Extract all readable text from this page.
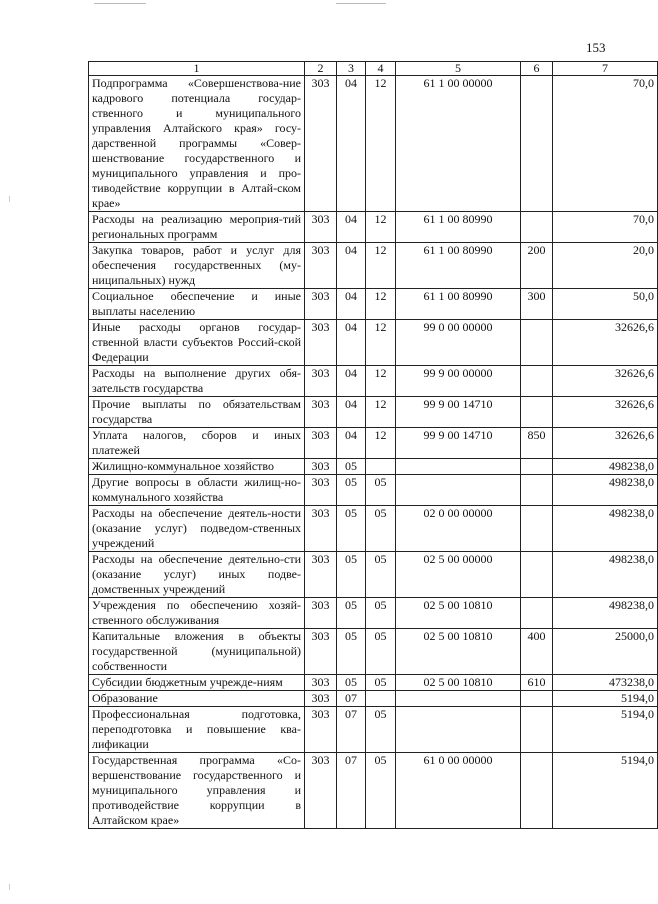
153
1	2	3	4	5	6	7
Подпрограмма «Совершенствова-ние кадрового потенциала государ-ственного и муниципального управления Алтайского края» госу-дарственной программы «Совер-шенствование государственного и муниципального управления и про-тиводействие коррупции в Алтай-ском крае»	303	04	12	61 1 00 00000		70,0
Расходы на реализацию мероприя-тий региональных программ	303	04	12	61 1 00 80990		70,0
Закупка товаров, работ и услуг для обеспечения государственных (му-ниципальных) нужд	303	04	12	61 1 00 80990	200	20,0
Социальное обеспечение и иные выплаты населению	303	04	12	61 1 00 80990	300	50,0
Иные расходы органов государ-ственной власти субъектов Россий-ской Федерации	303	04	12	99 0 00 00000		32626,6
Расходы на выполнение других обя-зательств государства	303	04	12	99 9 00 00000		32626,6
Прочие выплаты по обязательствам государства	303	04	12	99 9 00 14710		32626,6
Уплата налогов, сборов и иных платежей	303	04	12	99 9 00 14710	850	32626,6
Жилищно-коммунальное хозяйство	303	05				498238,0
Другие вопросы в области жилищ-но-коммунального хозяйства	303	05	05			498238,0
Расходы на обеспечение деятель-ности (оказание услуг) подведом-ственных учреждений	303	05	05	02 0 00 00000		498238,0
Расходы на обеспечение деятельно-сти (оказание услуг) иных подве-домственных учреждений	303	05	05	02 5 00 00000		498238,0
Учреждения по обеспечению хозяй-ственного обслуживания	303	05	05	02 5 00 10810		498238,0
Капитальные вложения в объекты государственной (муниципальной) собственности	303	05	05	02 5 00 10810	400	25000,0
Субсидии бюджетным учрежде-ниям	303	05	05	02 5 00 10810	610	473238,0
Образование	303	07				5194,0
Профессиональная подготовка, переподготовка и повышение ква-лификации	303	07	05			5194,0
Государственная программа «Со-вершенствование государственного и муниципального управления и противодействие коррупции в Алтайском крае»	303	07	05	61 0 00 00000		5194,0
